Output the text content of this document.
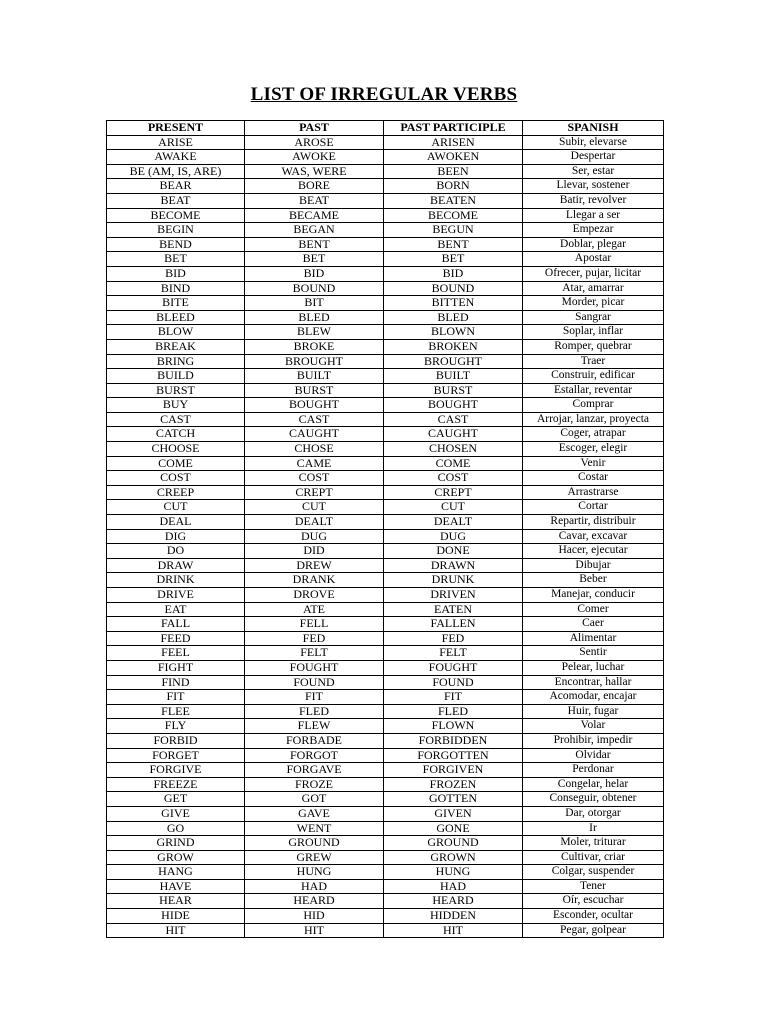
LIST OF IRREGULAR VERBS
PRESENT	PAST	PAST PARTICIPLE	SPANISH
ARISE	AROSE	ARISEN	Subir, elevarse
AWAKE	AWOKE	AWOKEN	Despertar
BE (AM, IS, ARE)	WAS, WERE	BEEN	Ser, estar
BEAR	BORE	BORN	Llevar, sostener
BEAT	BEAT	BEATEN	Batir, revolver
BECOME	BECAME	BECOME	Llegar a ser
BEGIN	BEGAN	BEGUN	Empezar
BEND	BENT	BENT	Doblar, plegar
BET	BET	BET	Apostar
BID	BID	BID	Ofrecer, pujar, licitar
BIND	BOUND	BOUND	Atar, amarrar
BITE	BIT	BITTEN	Morder, picar
BLEED	BLED	BLED	Sangrar
BLOW	BLEW	BLOWN	Soplar, inflar
BREAK	BROKE	BROKEN	Romper, quebrar
BRING	BROUGHT	BROUGHT	Traer
BUILD	BUILT	BUILT	Construir, edificar
BURST	BURST	BURST	Estallar, reventar
BUY	BOUGHT	BOUGHT	Comprar
CAST	CAST	CAST	Arrojar, lanzar, proyecta
CATCH	CAUGHT	CAUGHT	Coger, atrapar
CHOOSE	CHOSE	CHOSEN	Escoger, elegir
COME	CAME	COME	Venir
COST	COST	COST	Costar
CREEP	CREPT	CREPT	Arrastrarse
CUT	CUT	CUT	Cortar
DEAL	DEALT	DEALT	Repartir, distribuir
DIG	DUG	DUG	Cavar, excavar
DO	DID	DONE	Hacer, ejecutar
DRAW	DREW	DRAWN	Dibujar
DRINK	DRANK	DRUNK	Beber
DRIVE	DROVE	DRIVEN	Manejar, conducir
EAT	ATE	EATEN	Comer
FALL	FELL	FALLEN	Caer
FEED	FED	FED	Alimentar
FEEL	FELT	FELT	Sentir
FIGHT	FOUGHT	FOUGHT	Pelear, luchar
FIND	FOUND	FOUND	Encontrar, hallar
FIT	FIT	FIT	Acomodar, encajar
FLEE	FLED	FLED	Huir, fugar
FLY	FLEW	FLOWN	Volar
FORBID	FORBADE	FORBIDDEN	Prohibir, impedir
FORGET	FORGOT	FORGOTTEN	Olvidar
FORGIVE	FORGAVE	FORGIVEN	Perdonar
FREEZE	FROZE	FROZEN	Congelar, helar
GET	GOT	GOTTEN	Conseguir, obtener
GIVE	GAVE	GIVEN	Dar, otorgar
GO	WENT	GONE	Ir
GRIND	GROUND	GROUND	Moler, triturar
GROW	GREW	GROWN	Cultivar, criar
HANG	HUNG	HUNG	Colgar, suspender
HAVE	HAD	HAD	Tener
HEAR	HEARD	HEARD	Oír, escuchar
HIDE	HID	HIDDEN	Esconder, ocultar
HIT	HIT	HIT	Pegar, golpear
